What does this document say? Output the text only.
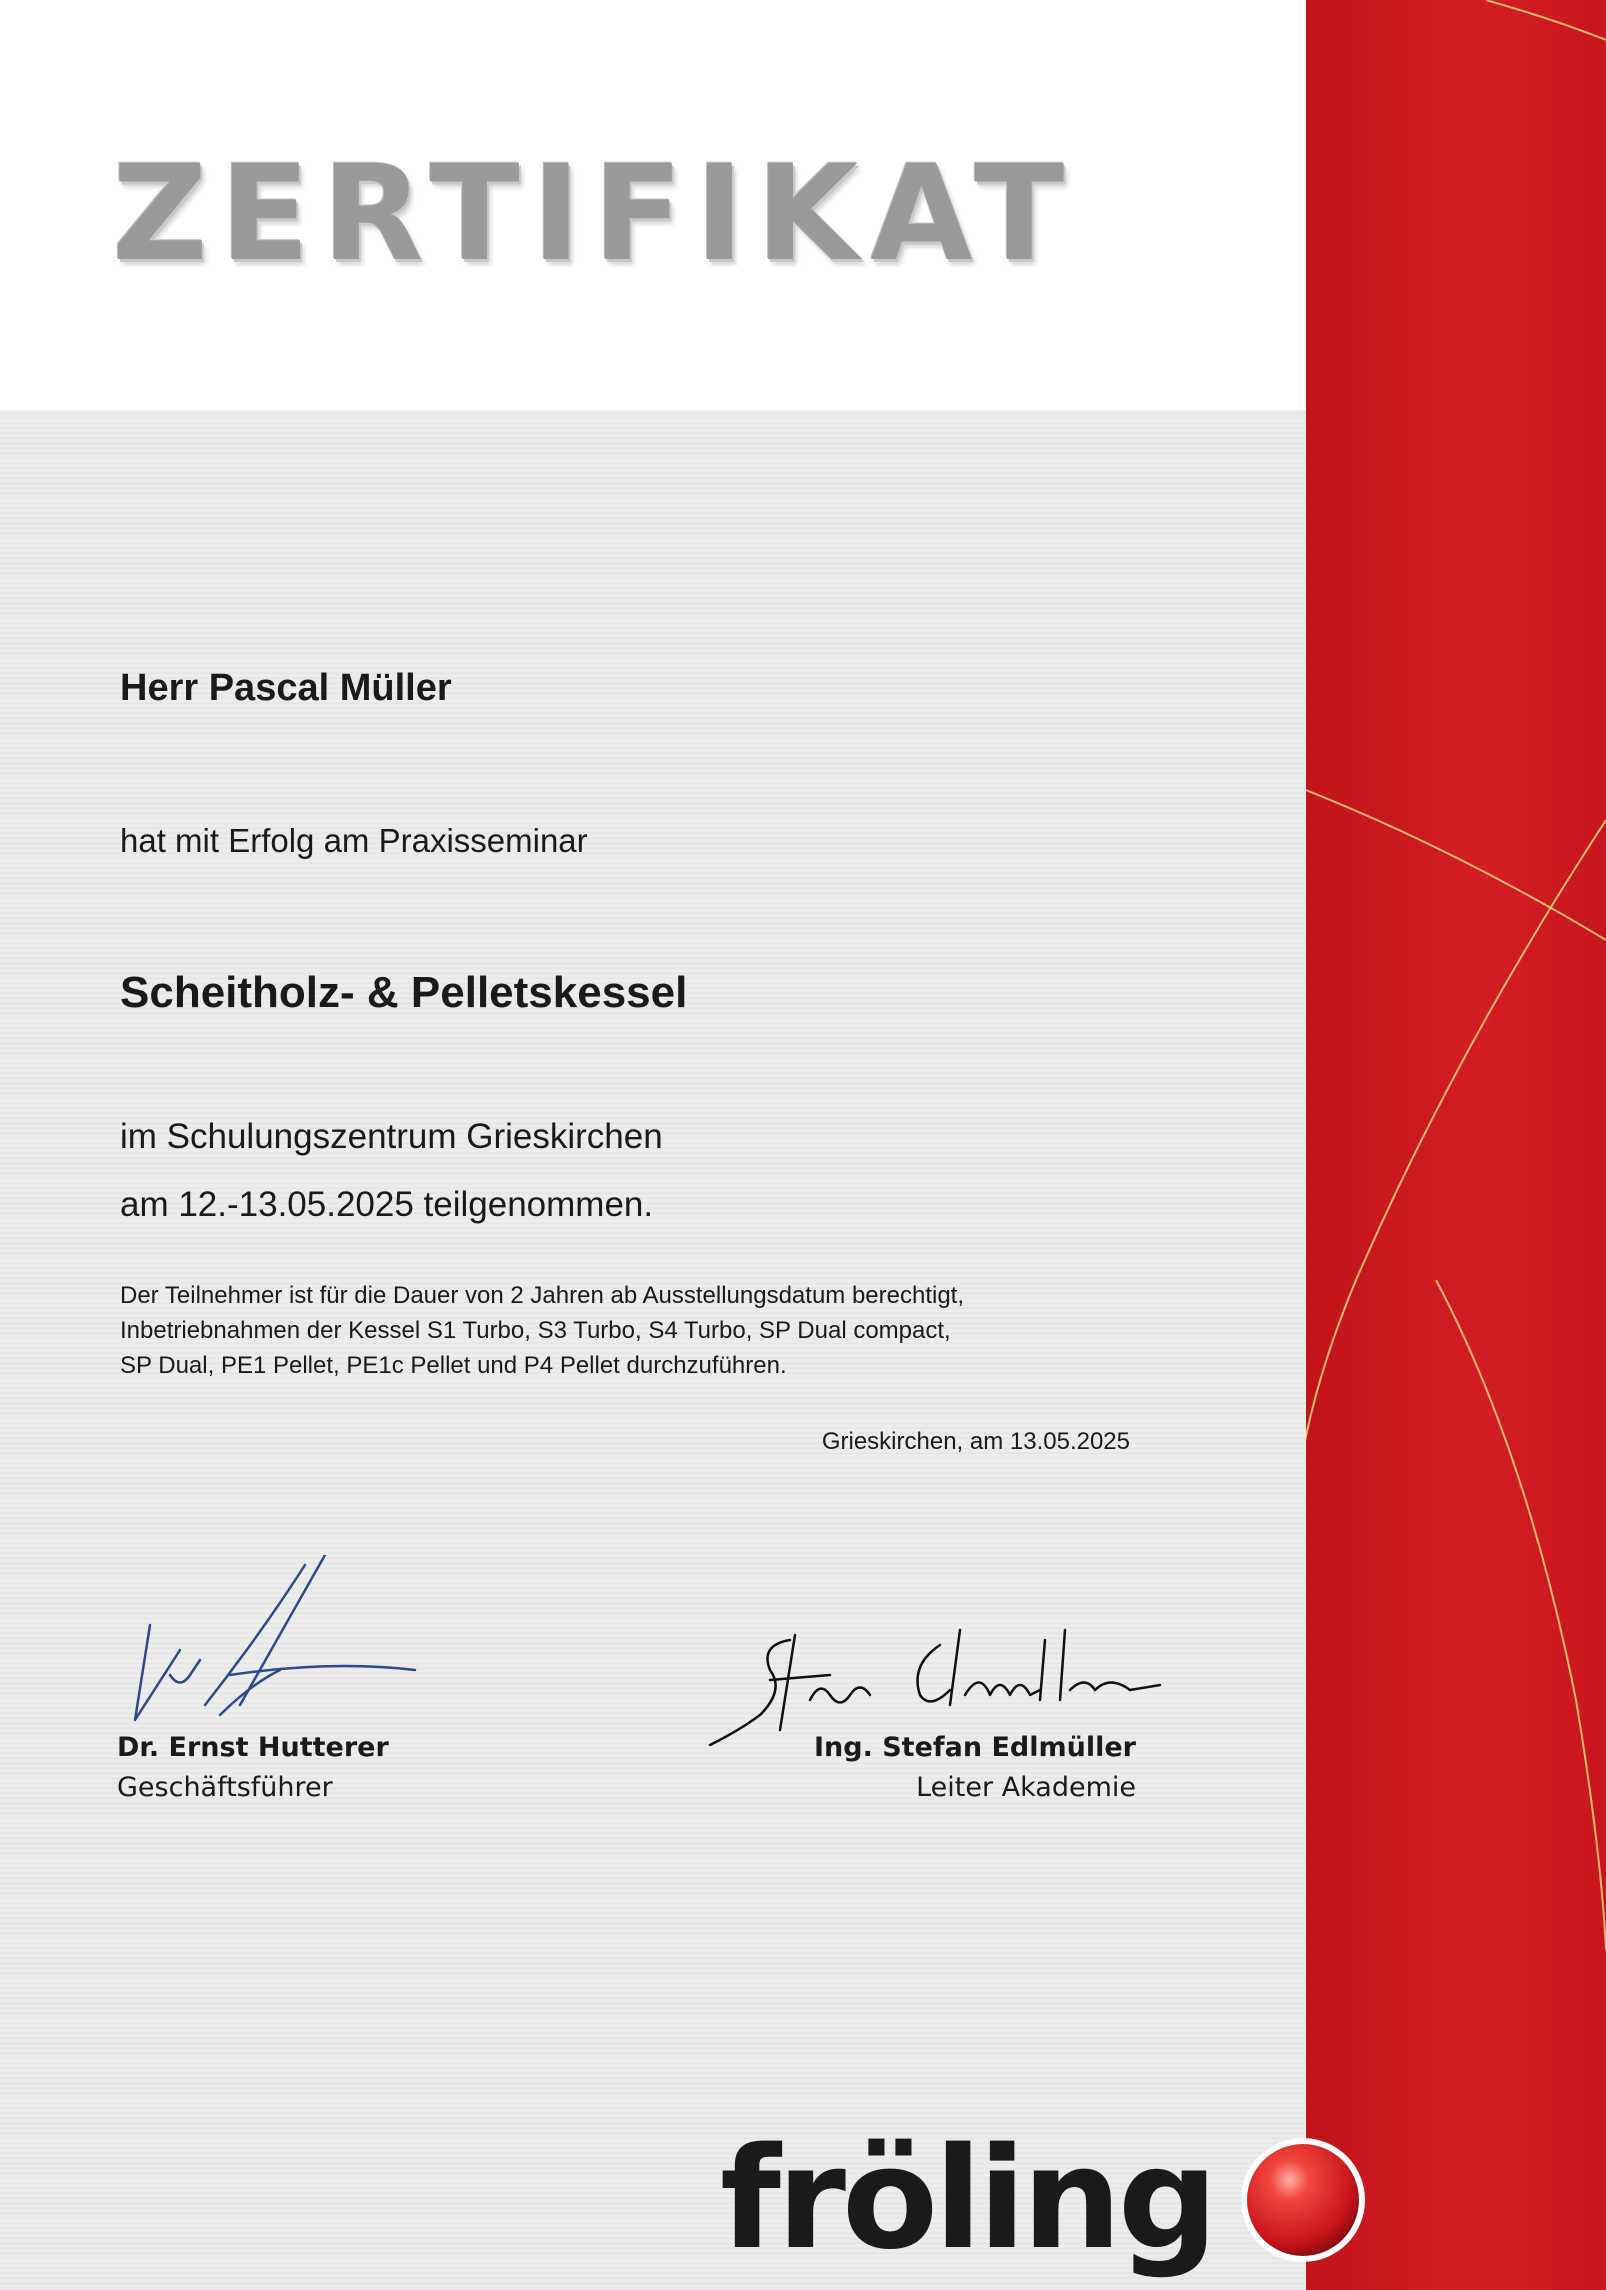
ZERTIFIKAT

Herr Pascal Müller

hat mit Erfolg am Praxisseminar

Scheitholz- & Pelletskessel

im Schulungszentrum Grieskirchen

am 12.-13.05.2025 teilgenommen.

Der Teilnehmer ist für die Dauer von 2 Jahren ab Ausstellungsdatum berechtigt,

Inbetriebnahmen der Kessel S1 Turbo, S3 Turbo, S4 Turbo, SP Dual compact,

SP Dual, PE1 Pellet, PE1c Pellet und P4 Pellet durchzuführen.

Grieskirchen, am 13.05.2025

Dr. Ernst Hutterer

Geschäftsführer

Ing. Stefan Edlmüller

Leiter Akademie

fröling
